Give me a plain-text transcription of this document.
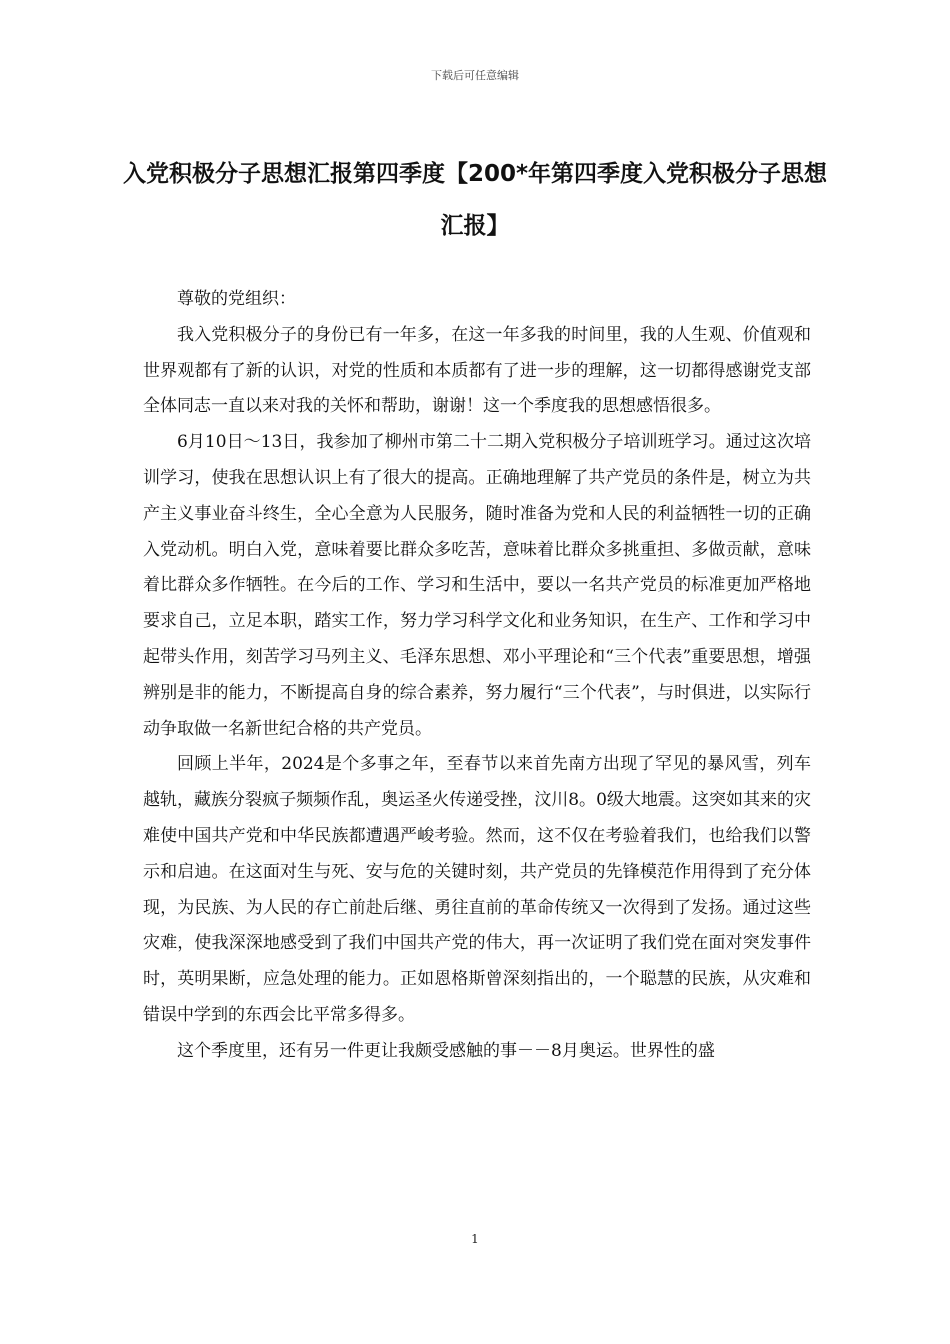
下载后可任意编辑
入党积极分子思想汇报第四季度【200*年第四季度入党积极分子思想汇报】

尊敬的党组织：

我入党积极分子的身份已有一年多，在这一年多我的时间里，我的人生观、价值观和世界观都有了新的认识，对党的性质和本质都有了进一步的理解，这一切都得感谢党支部全体同志一直以来对我的关怀和帮助，谢谢！这一个季度我的思想感悟很多。

6月10日～13日，我参加了柳州市第二十二期入党积极分子培训班学习。通过这次培训学习，使我在思想认识上有了很大的提高。正确地理解了共产党员的条件是，树立为共产主义事业奋斗终生，全心全意为人民服务，随时准备为党和人民的利益牺牲一切的正确入党动机。明白入党，意味着要比群众多吃苦，意味着比群众多挑重担、多做贡献，意味着比群众多作牺牲。在今后的工作、学习和生活中，要以一名共产党员的标准更加严格地要求自己，立足本职，踏实工作，努力学习科学文化和业务知识，在生产、工作和学习中起带头作用，刻苦学习马列主义、毛泽东思想、邓小平理论和“三个代表”重要思想，增强辨别是非的能力，不断提高自身的综合素养，努力履行“三个代表”，与时俱进，以实际行动争取做一名新世纪合格的共产党员。

回顾上半年，2024是个多事之年，至春节以来首先南方出现了罕见的暴风雪，列车越轨，藏族分裂疯子频频作乱，奥运圣火传递受挫，汶川8。0级大地震。这突如其来的灾难使中国共产党和中华民族都遭遇严峻考验。然而，这不仅在考验着我们，也给我们以警示和启迪。在这面对生与死、安与危的关键时刻，共产党员的先锋模范作用得到了充分体现，为民族、为人民的存亡前赴后继、勇往直前的革命传统又一次得到了发扬。通过这些灾难，使我深深地感受到了我们中国共产党的伟大，再一次证明了我们党在面对突发事件时，英明果断，应急处理的能力。正如恩格斯曾深刻指出的，一个聪慧的民族，从灾难和错误中学到的东西会比平常多得多。

这个季度里，还有另一件更让我颇受感触的事－－8月奥运。世界性的盛

1
